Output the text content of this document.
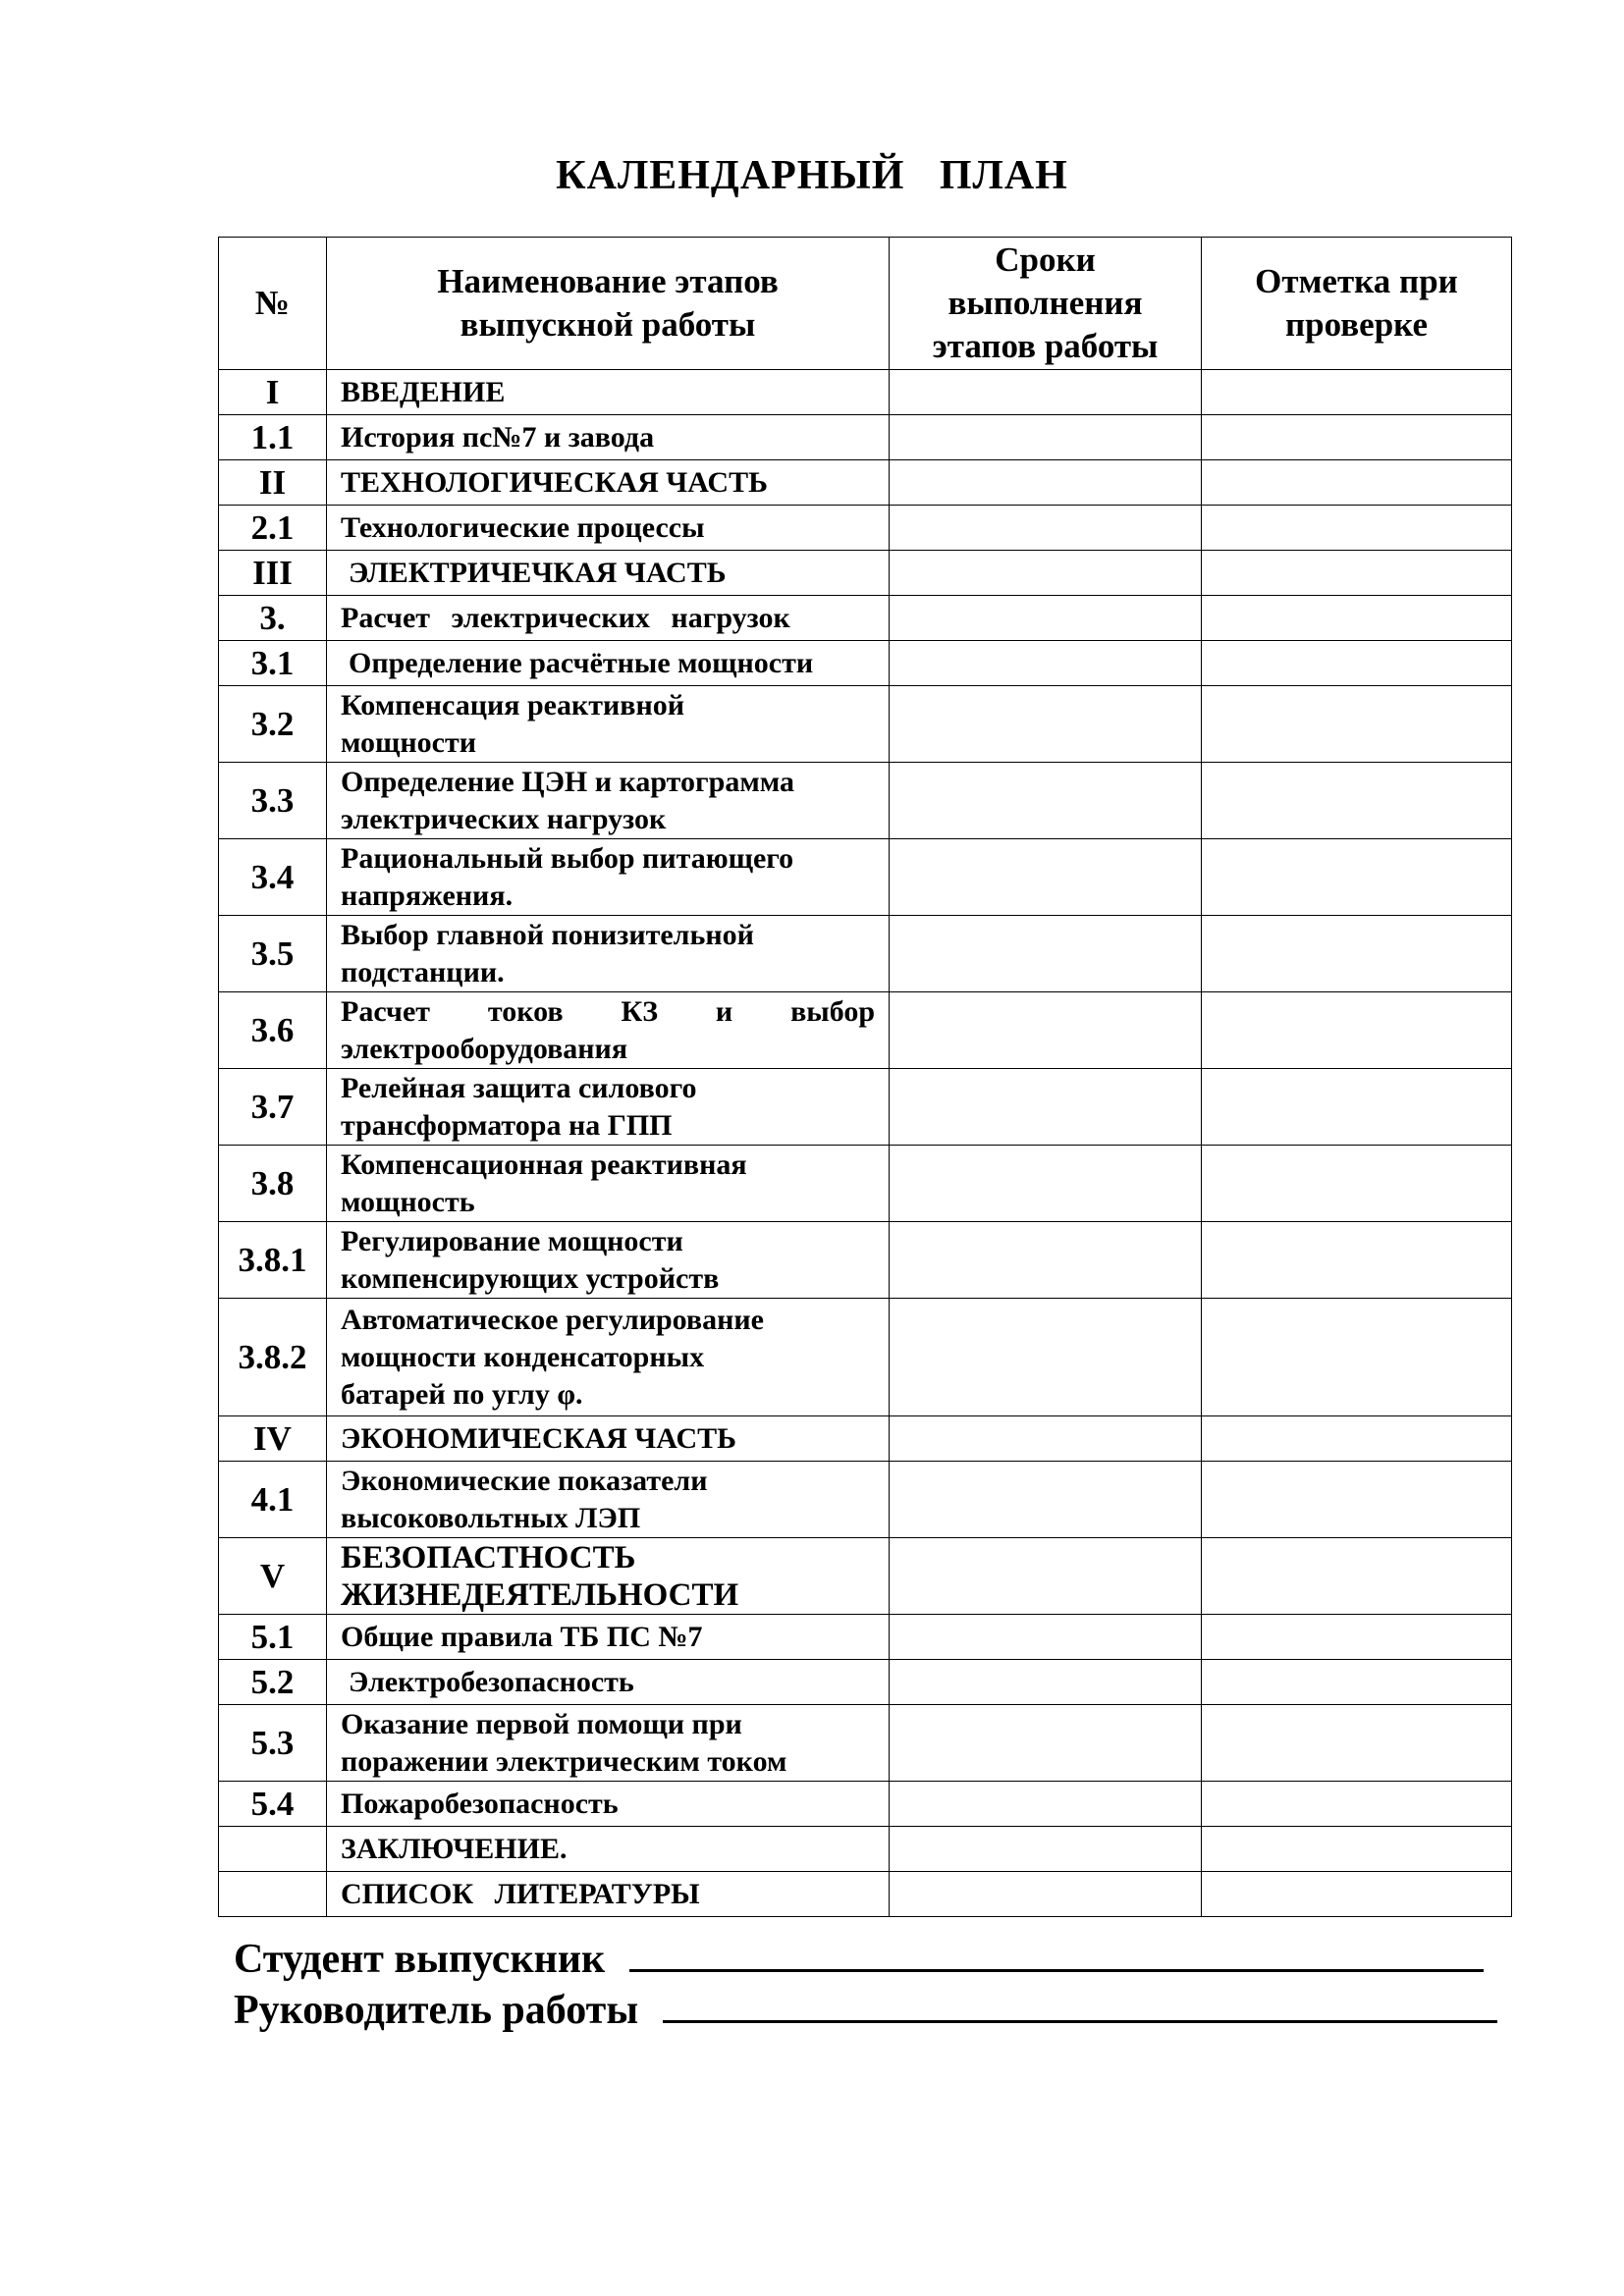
КАЛЕНДАРНЫЙ ПЛАН
№	Наименование этапов выпускной работы	Сроки выполнения этапов работы	Отметка при проверке
I	ВВЕДЕНИЕ		
1.1	История пс№7 и завода		
II	ТЕХНОЛОГИЧЕСКАЯ ЧАСТЬ		
2.1	Технологические процессы		
III	ЭЛЕКТРИЧЕЧКАЯ ЧАСТЬ		
3.	Расчет электрических нагрузок		
3.1	Определение расчётные мощности		
3.2	Компенсация реактивной мощности		
3.3	Определение ЦЭН и картограмма электрических нагрузок		
3.4	Рациональный выбор питающего напряжения.		
3.5	Выбор главной понизительной подстанции.		
3.6	Расчет токов КЗ и выбор электрооборудования		
3.7	Релейная защита силового трансформатора на ГПП		
3.8	Компенсационная реактивная мощность		
3.8.1	Регулирование мощности компенсирующих устройств		
3.8.2	Автоматическое регулирование мощности конденсаторных батарей по углу φ.		
IV	ЭКОНОМИЧЕСКАЯ ЧАСТЬ		
4.1	Экономические показатели высоковольтных ЛЭП		
V	БЕЗОПАСТНОСТЬ ЖИЗНЕДЕЯТЕЛЬНОСТИ		
5.1	Общие правила ТБ ПС №7		
5.2	Электробезопасность		
5.3	Оказание первой помощи при поражении электрическим током		
5.4	Пожаробезопасность		
	ЗАКЛЮЧЕНИЕ.		
	СПИСОК ЛИТЕРАТУРЫ		
Студент выпускник
Руководитель работы
